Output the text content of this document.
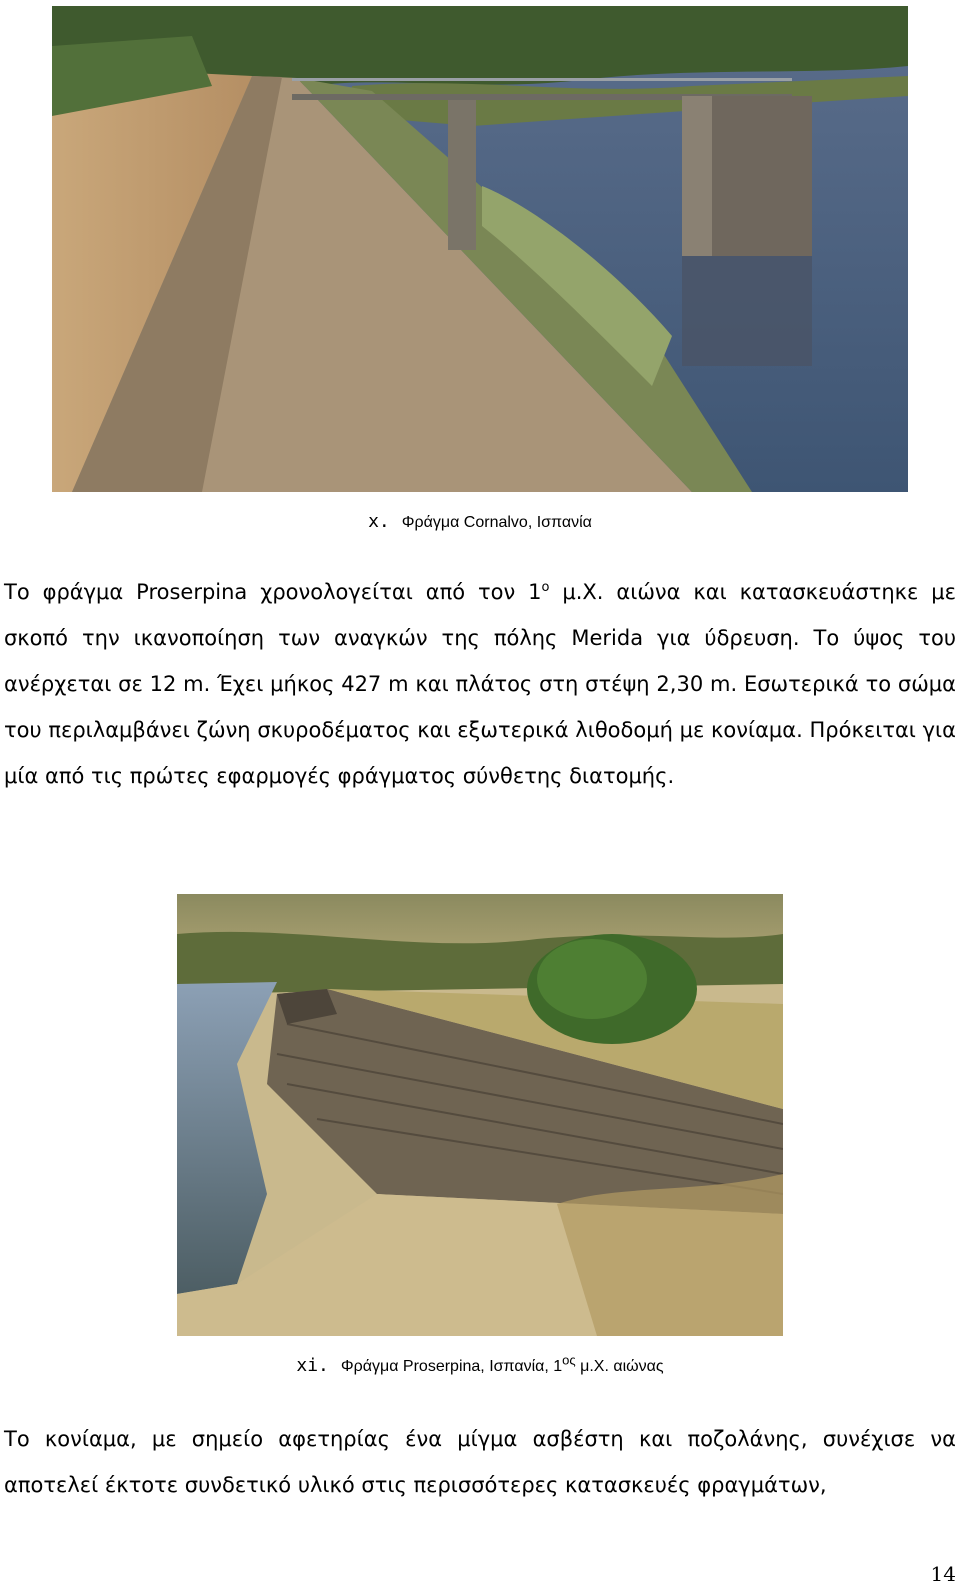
x. Φράγμα Cornalvo, Ισπανία

Το φράγμα Proserpina χρονολογείται από τον $1^o$ μ.Χ. αιώνα και κατασκευάστηκε με σκοπό την ικανοποίηση των αναγκών της πόλης Merida για ύδρευση. Το ύψος του ανέρχεται σε 12 m. Έχει μήκος 427 m και πλάτος στη στέψη 2,30 m. Εσωτερικά το σώμα του περιλαμβάνει ζώνη σκυροδέματος και εξωτερικά λιθοδομή με κονίαμα. Πρόκειται για μία από τις πρώτες εφαρμογές φράγματος σύνθετης διατομής.

xi. Φράγμα Proserpina, Ισπανία, $1^{o\varsigma}$ μ.Χ. αιώνας

Το κονίαμα, με σημείο αφετηρίας ένα μίγμα ασβέστη και ποζολάνης, συνέχισε να αποτελεί έκτοτε συνδετικό υλικό στις περισσότερες κατασκευές φραγμάτων,

14
